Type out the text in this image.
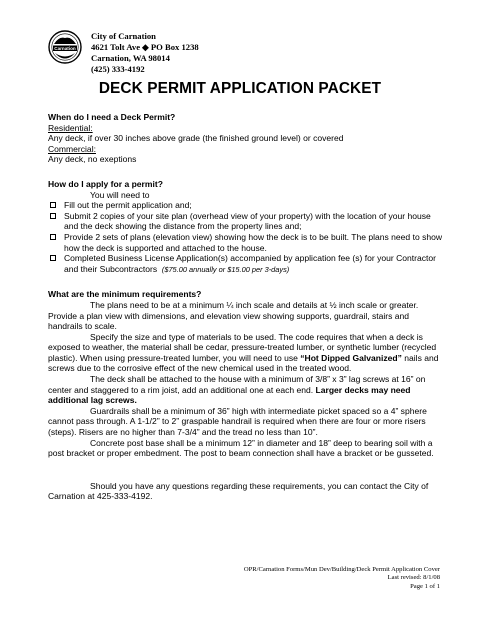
Carnation
City of Carnation
4621 Tolt Ave ◆ PO Box 1238
Carnation, WA 98014
(425) 333-4192
DECK PERMIT APPLICATION PACKET
When do I need a Deck Permit?
Residential:
Any deck, if over 30 inches above grade (the finished ground level) or covered
Commercial:
Any deck, no exeptions
How do I apply for a permit?
You will need to
Fill out the permit application and;
Submit 2 copies of your site plan (overhead view of your property) with the location of your house and the deck showing the distance from the property lines and;
Provide 2 sets of plans (elevation view) showing how the deck is to be built. The plans need to show how the deck is supported and attached to the house.
Completed Business License Application(s) accompanied by application fee (s) for your Contractor and their Subcontractors ($75.00 annually or $15.00 per 3-days)
What are the minimum requirements?
The plans need to be at a minimum ¼ inch scale and details at ½ inch scale or greater. Provide a plan view with dimensions, and elevation view showing supports, guardrail, stairs and handrails to scale.
Specify the size and type of materials to be used. The code requires that when a deck is exposed to weather, the material shall be cedar, pressure-treated lumber, or synthetic lumber (recycled plastic). When using pressure-treated lumber, you will need to use “Hot Dipped Galvanized” nails and screws due to the corrosive effect of the new chemical used in the treated wood.
The deck shall be attached to the house with a minimum of 3/8” x 3” lag screws at 16” on center and staggered to a rim joist, add an additional one at each end. Larger decks may need additional lag screws.
Guardrails shall be a minimum of 36” high with intermediate picket spaced so a 4” sphere cannot pass through. A 1-1/2” to 2” graspable handrail is required when there are four or more risers (steps). Risers are no higher than 7-3/4” and the tread no less than 10”.
Concrete post base shall be a minimum 12” in diameter and 18” deep to bearing soil with a post bracket or proper embedment. The post to beam connection shall have a bracket or be gusseted.
Should you have any questions regarding these requirements, you can contact the City of Carnation at 425-333-4192.
OPR/Carnation Forms/Mun Dev/Building/Deck Permit Application Cover
Last revised: 8/1/08
Page 1 of 1
